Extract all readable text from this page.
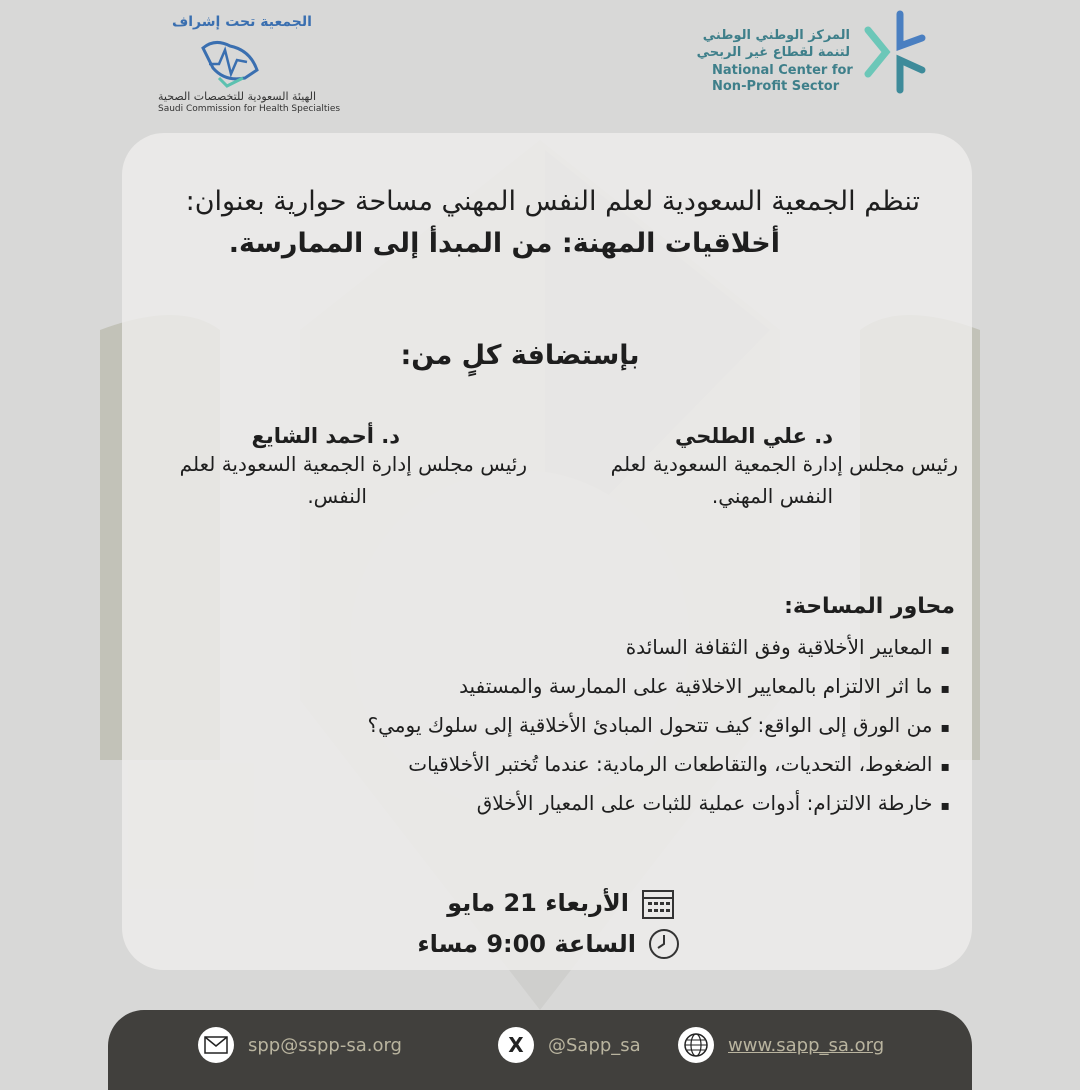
الجمعية تحت إشراف
الهيئة السعودية للتخصصات الصحية
Saudi Commission for Health Specialties
المركز الوطني الوطني
لتنمة لقطاع غير الربحي
National Center for
Non-Profit Sector
تنظم الجمعية السعودية لعلم النفس المهني مساحة حوارية بعنوان:
أخلاقيات المهنة: من المبدأ إلى الممارسة.
بإستضافة كلٍ من:
د. علي الطلحي
رئيس مجلس إدارة الجمعية السعودية لعلم
النفس المهني.
د. أحمد الشايع
رئيس مجلس إدارة الجمعية السعودية لعلم
النفس.
محاور المساحة:
▪ المعايير الأخلاقية وفق الثقافة السائدة
▪ ما اثر الالتزام بالمعايير الاخلاقية على الممارسة والمستفيد
▪ من الورق إلى الواقع: كيف تتحول المبادئ الأخلاقية إلى سلوك يومي؟
▪ الضغوط، التحديات، والتقاطعات الرمادية: عندما تُختبر الأخلاقيات
▪ خارطة الالتزام: أدوات عملية للثبات على المعيار الأخلاق
الأربعاء 21 مايو
الساعة 9:00 مساء
spp@sspp-sa.org	X	@Sapp_sa	www.sapp_sa.org
